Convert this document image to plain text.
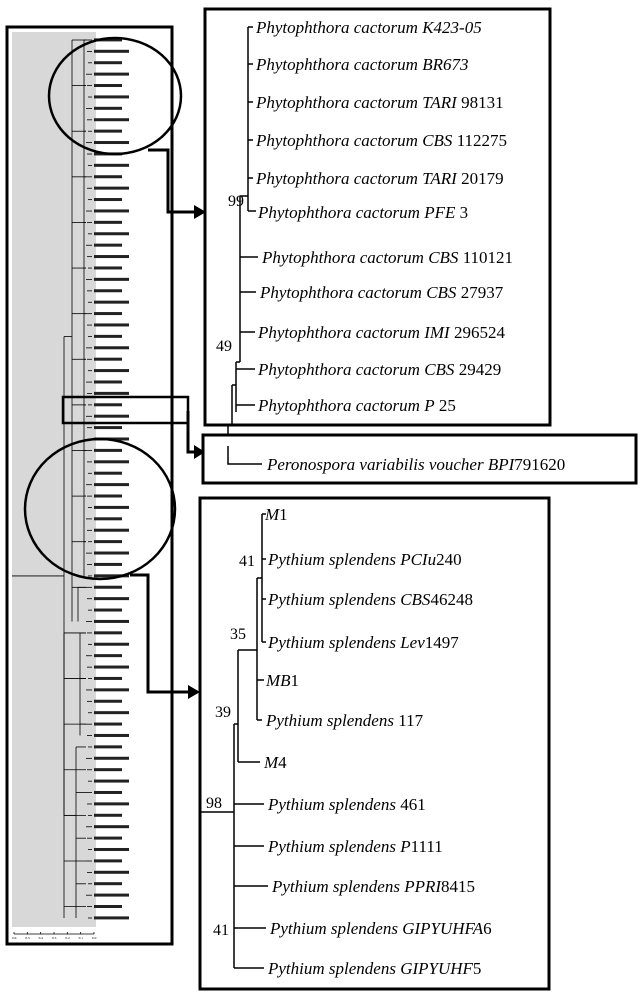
0.6	0.5	0.4	0.3	0.2	0.1	0.0
Phytophthora cactorum K423-05
Phytophthora cactorum BR673
Phytophthora cactorum TARI 98131
Phytophthora cactorum CBS 112275
Phytophthora cactorum TARI 20179
Phytophthora cactorum PFE 3
Phytophthora cactorum CBS 110121
Phytophthora cactorum CBS 27937
Phytophthora cactorum IMI 296524
Phytophthora cactorum CBS 29429
Phytophthora cactorum P 25
99
49
Peronospora variabilis voucher BPI791620
M1
Pythium splendens PCIu240
Pythium splendens CBS46248
Pythium splendens Lev1497
MB1
Pythium splendens 117
M4
Pythium splendens 461
Pythium splendens P1111
Pythium splendens PPRI8415
Pythium splendens GIPYUHFA6
Pythium splendens GIPYUHF5
41
35
39
98
41
